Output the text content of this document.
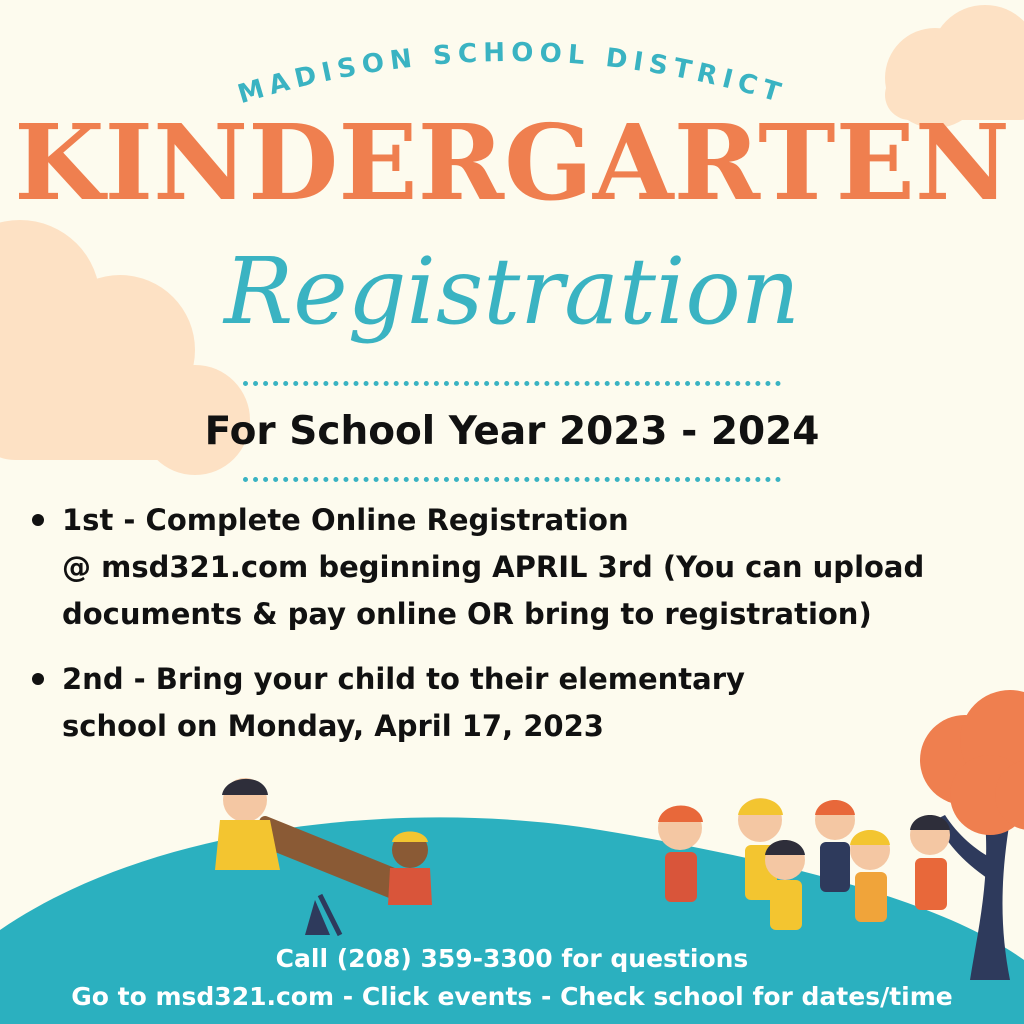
MADISON SCHOOL DISTRICT
KINDERGARTEN
Registration
For School Year 2023 - 2024
1st - Complete Online Registration
@ msd321.com beginning APRIL 3rd (You can upload
documents & pay online OR bring to registration)
2nd - Bring your child to their elementary
school on Monday, April 17, 2023
Call (208) 359-3300 for questions
Go to msd321.com - Click events - Check school for dates/time
